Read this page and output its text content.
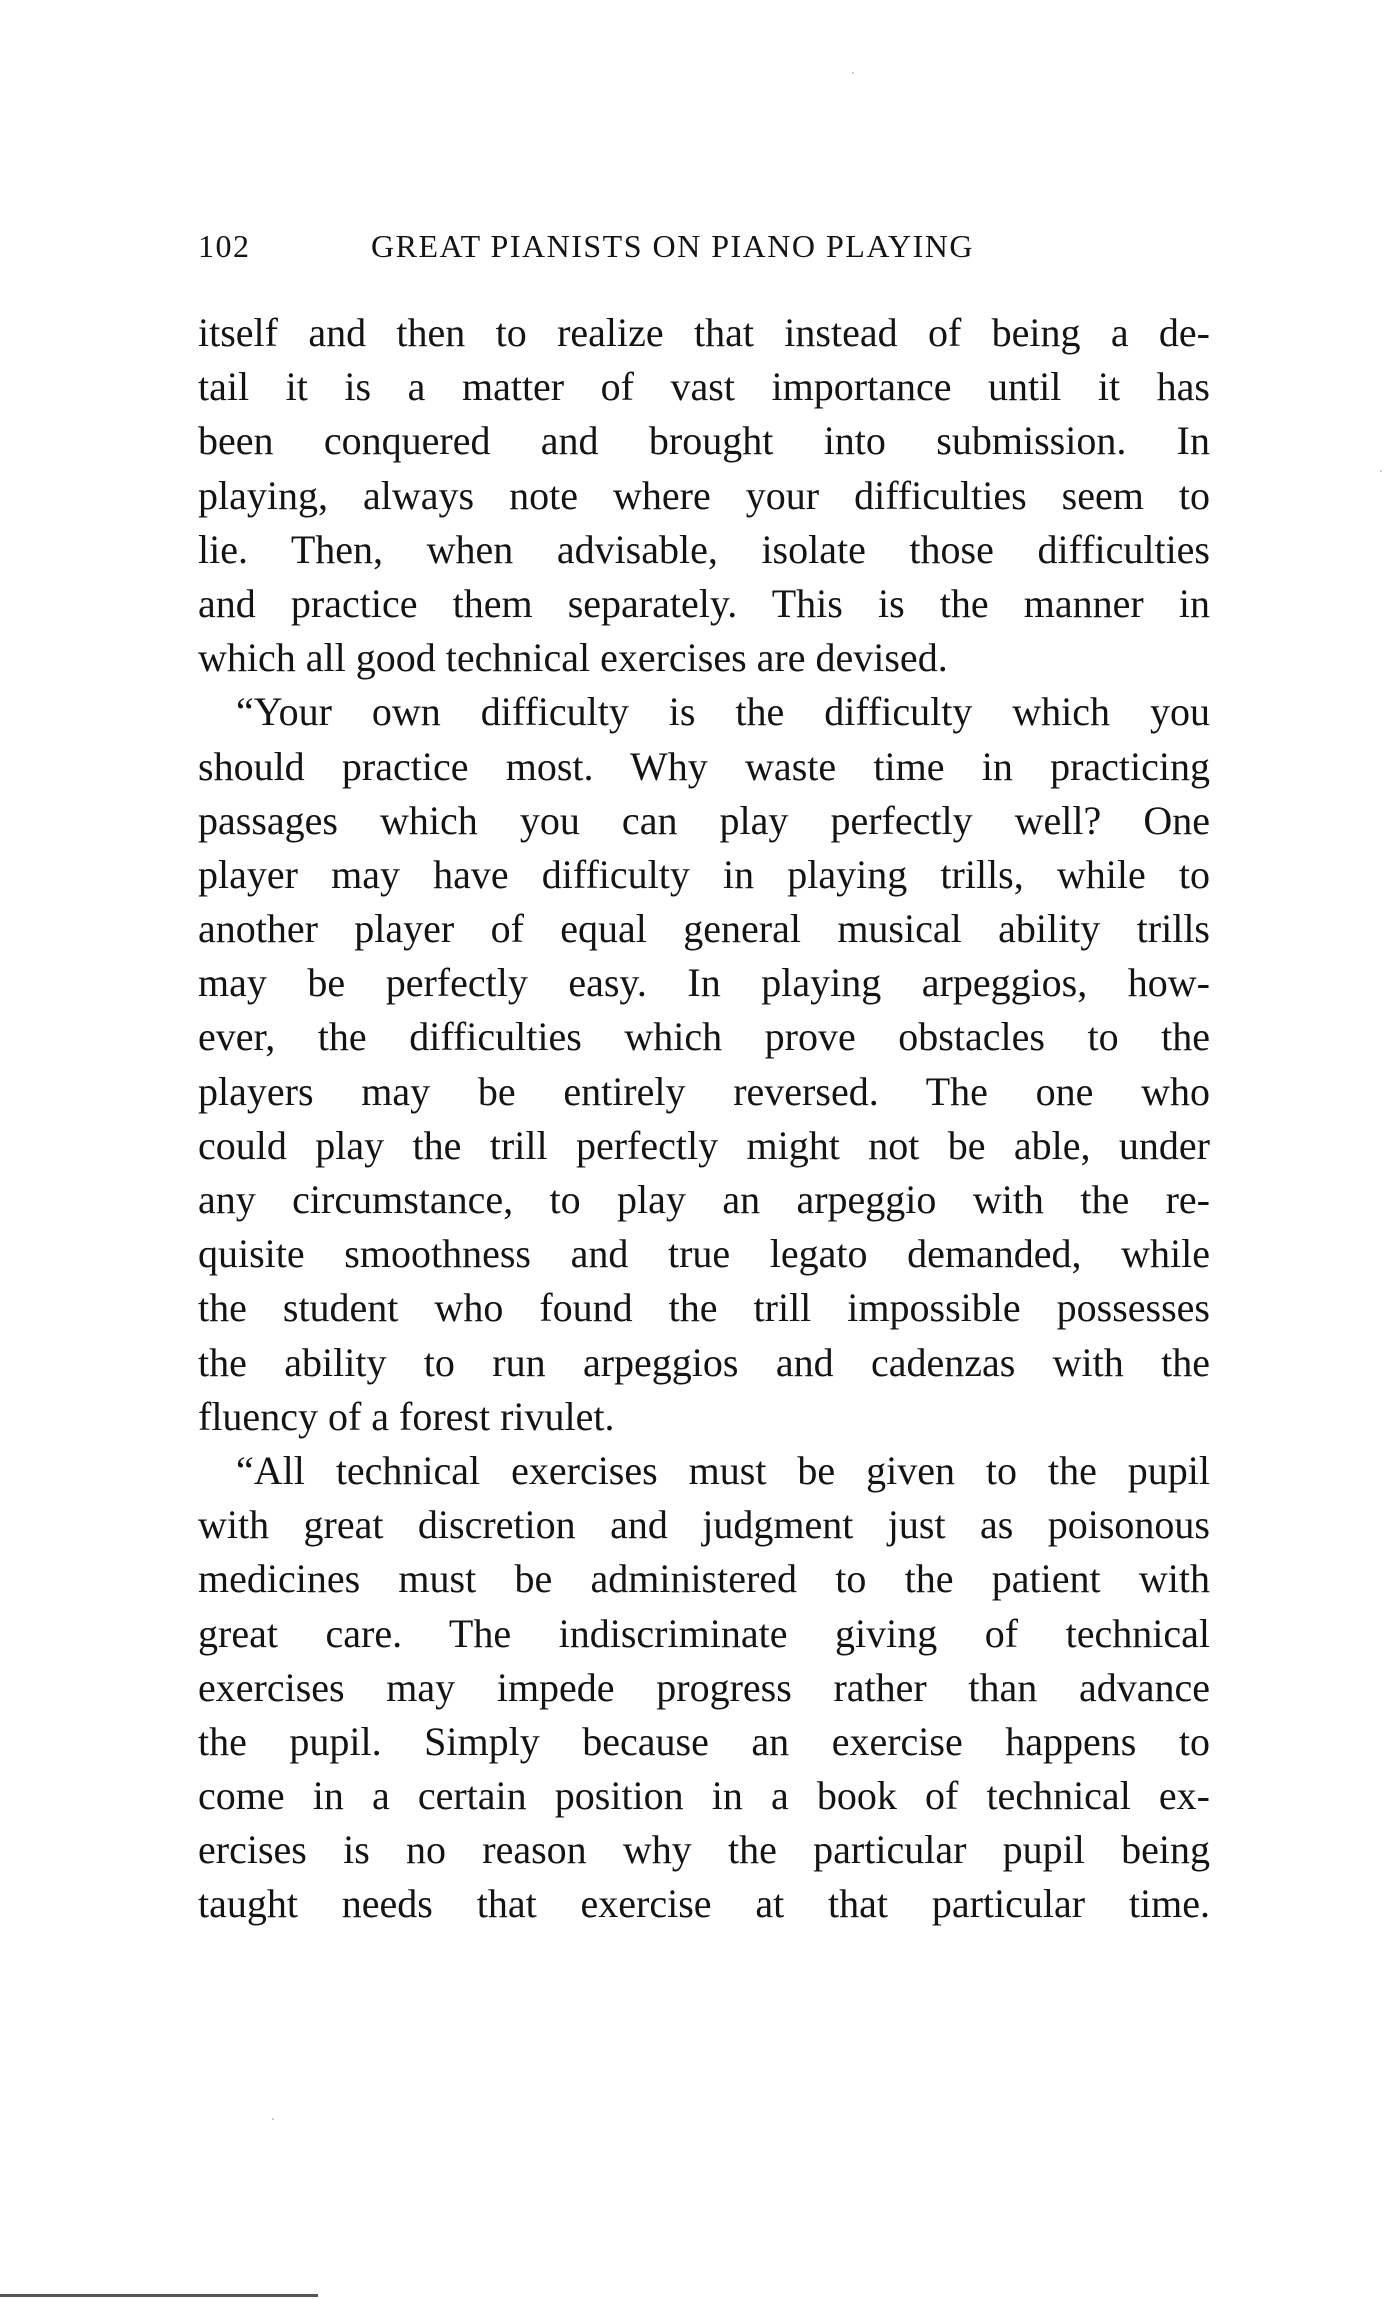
102	GREAT PIANISTS ON PIANO PLAYING
itself and then to realize that instead of being a de-
tail it is a matter of vast importance until it has
been conquered and brought into submission. In
playing, always note where your difficulties seem to
lie. Then, when advisable, isolate those difficulties
and practice them separately. This is the manner in
which all good technical exercises are devised.
“Your own difficulty is the difficulty which you
should practice most. Why waste time in practicing
passages which you can play perfectly well? One
player may have difficulty in playing trills, while to
another player of equal general musical ability trills
may be perfectly easy. In playing arpeggios, how-
ever, the difficulties which prove obstacles to the
players may be entirely reversed. The one who
could play the trill perfectly might not be able, under
any circumstance, to play an arpeggio with the re-
quisite smoothness and true legato demanded, while
the student who found the trill impossible possesses
the ability to run arpeggios and cadenzas with the
fluency of a forest rivulet.
“All technical exercises must be given to the pupil
with great discretion and judgment just as poisonous
medicines must be administered to the patient with
great care. The indiscriminate giving of technical
exercises may impede progress rather than advance
the pupil. Simply because an exercise happens to
come in a certain position in a book of technical ex-
ercises is no reason why the particular pupil being
taught needs that exercise at that particular time.
